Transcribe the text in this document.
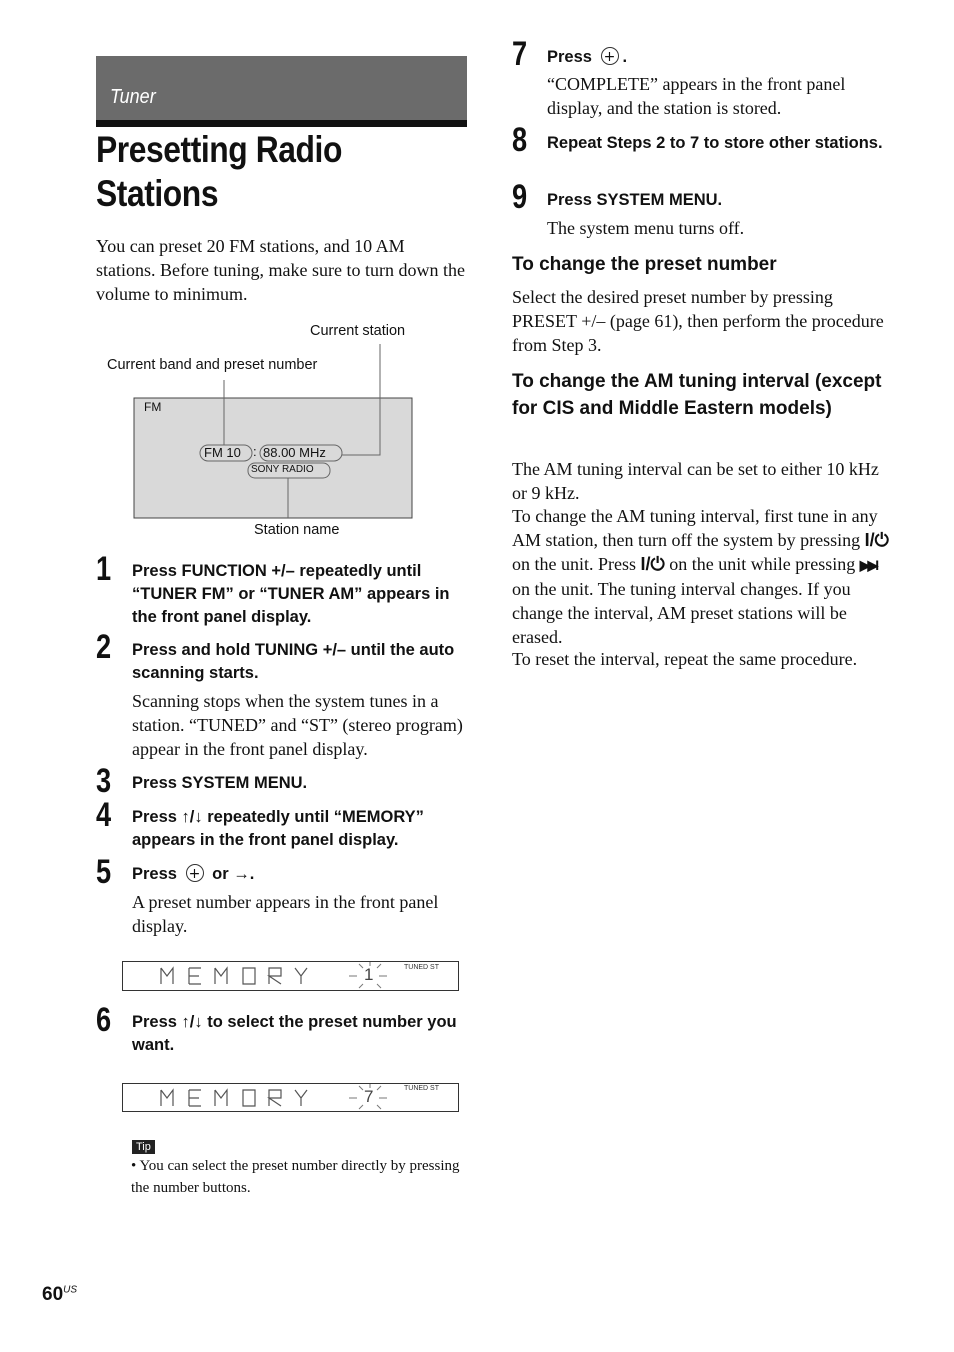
Tuner
Presetting Radio Stations
You can preset 20 FM stations, and 10 AM stations. Before tuning, make sure to turn down the volume to minimum.
Current station
Current band and preset number
FM
FM 10 : 88.00 MHz
SONY RADIO
Station name
1 Press FUNCTION +/– repeatedly until “TUNER FM” or “TUNER AM” appears in the front panel display.
2 Press and hold TUNING +/– until the auto scanning starts.
Scanning stops when the system tunes in a station. “TUNED” and “ST” (stereo program) appear in the front panel display.
3 Press SYSTEM MENU.
4 Press ↑/↓ repeatedly until “MEMORY” appears in the front panel display.
5 Press + or →.
A preset number appears in the front panel display.
1	TUNED ST
6 Press ↑/↓ to select the preset number you want.
7	TUNED ST
Tip
• You can select the preset number directly by pressing the number buttons.
$60^{US}$
7 Press +.
“COMPLETE” appears in the front panel display, and the station is stored.
8 Repeat Steps 2 to 7 to store other stations.
9 Press SYSTEM MENU.
The system menu turns off.
To change the preset number
Select the desired preset number by pressing PRESET +/– (page 61), then perform the procedure from Step 3.
To change the AM tuning interval (except for CIS and Middle Eastern models)
The AM tuning interval can be set to either 10 kHz or 9 kHz.
To change the AM tuning interval, first tune in any AM station, then turn off the system by pressing I/⏻ on the unit. Press I/⏻ on the unit while pressing ▶▶I on the unit. The tuning interval changes. If you change the interval, AM preset stations will be erased.
To reset the interval, repeat the same procedure.
